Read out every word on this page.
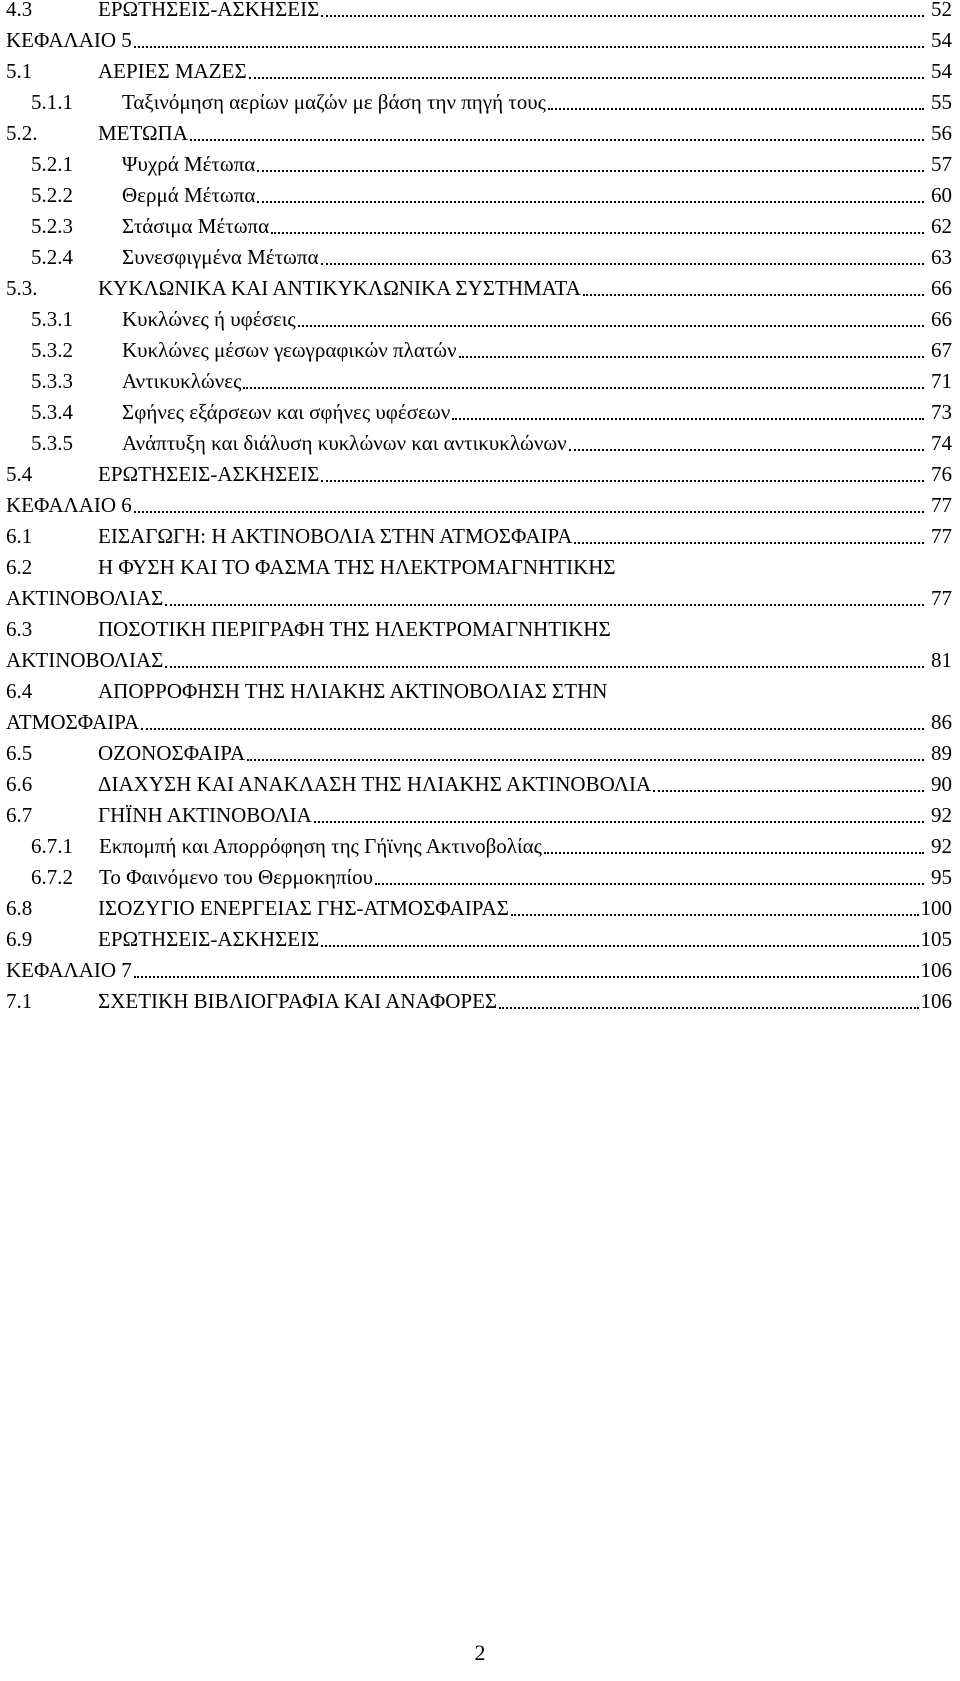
4.3	ΕΡΩΤΗΣΕΙΣ-ΑΣΚΗΣΕΙΣ	52
ΚΕΦΑΛΑΙΟ 5	54
5.1	ΑΕΡΙΕΣ ΜΑΖΕΣ	54
5.1.1	Ταξινόμηση αερίων μαζών με βάση την πηγή τους	55
5.2.	ΜΕΤΩΠΑ	56
5.2.1	Ψυχρά Μέτωπα	57
5.2.2	Θερμά Μέτωπα	60
5.2.3	Στάσιμα Μέτωπα	62
5.2.4	Συνεσφιγμένα Μέτωπα	63
5.3.	ΚΥΚΛΩΝΙΚΑ ΚΑΙ ΑΝΤΙΚΥΚΛΩΝΙΚΑ ΣΥΣΤΗΜΑΤΑ	66
5.3.1	Κυκλώνες ή υφέσεις	66
5.3.2	Κυκλώνες μέσων γεωγραφικών πλατών	67
5.3.3	Αντικυκλώνες	71
5.3.4	Σφήνες εξάρσεων και σφήνες υφέσεων	73
5.3.5	Ανάπτυξη και διάλυση κυκλώνων και αντικυκλώνων	74
5.4	ΕΡΩΤΗΣΕΙΣ-ΑΣΚΗΣΕΙΣ	76
ΚΕΦΑΛΑΙΟ 6	77
6.1	ΕΙΣΑΓΩΓΗ: Η ΑΚΤΙΝΟΒΟΛΙΑ ΣΤΗΝ ΑΤΜΟΣΦΑΙΡΑ	77
6.2	Η ΦΥΣΗ ΚΑΙ ΤΟ ΦΑΣΜΑ ΤΗΣ ΗΛΕΚΤΡΟΜΑΓΝΗΤΙΚΗΣ
ΑΚΤΙΝΟΒΟΛΙΑΣ	77
6.3	ΠΟΣΟΤΙΚΗ ΠΕΡΙΓΡΑΦΗ ΤΗΣ ΗΛΕΚΤΡΟΜΑΓΝΗΤΙΚΗΣ
ΑΚΤΙΝΟΒΟΛΙΑΣ	81
6.4	ΑΠΟΡΡΟΦΗΣΗ ΤΗΣ ΗΛΙΑΚΗΣ ΑΚΤΙΝΟΒΟΛΙΑΣ ΣΤΗΝ
ΑΤΜΟΣΦΑΙΡΑ	86
6.5	ΟΖΟΝΟΣΦΑΙΡΑ	89
6.6	ΔΙΑΧΥΣΗ ΚΑΙ ΑΝΑΚΛΑΣΗ ΤΗΣ ΗΛΙΑΚΗΣ ΑΚΤΙΝΟΒΟΛΙΑ	90
6.7	ΓΗΪΝΗ ΑΚΤΙΝΟΒΟΛΙΑ	92
6.7.1	Εκπομπή και Απορρόφηση της Γήϊνης Ακτινοβολίας	92
6.7.2	Το Φαινόμενο του Θερμοκηπίου	95
6.8	ΙΣΟΖΥΓΙΟ ΕΝΕΡΓΕΙΑΣ ΓΗΣ-ΑΤΜΟΣΦΑΙΡΑΣ	100
6.9	ΕΡΩΤΗΣΕΙΣ-ΑΣΚΗΣΕΙΣ	105
ΚΕΦΑΛΑΙΟ 7	106
7.1	ΣΧΕΤΙΚΗ ΒΙΒΛΙΟΓΡΑΦΙΑ ΚΑΙ ΑΝΑΦΟΡΕΣ	106
2
